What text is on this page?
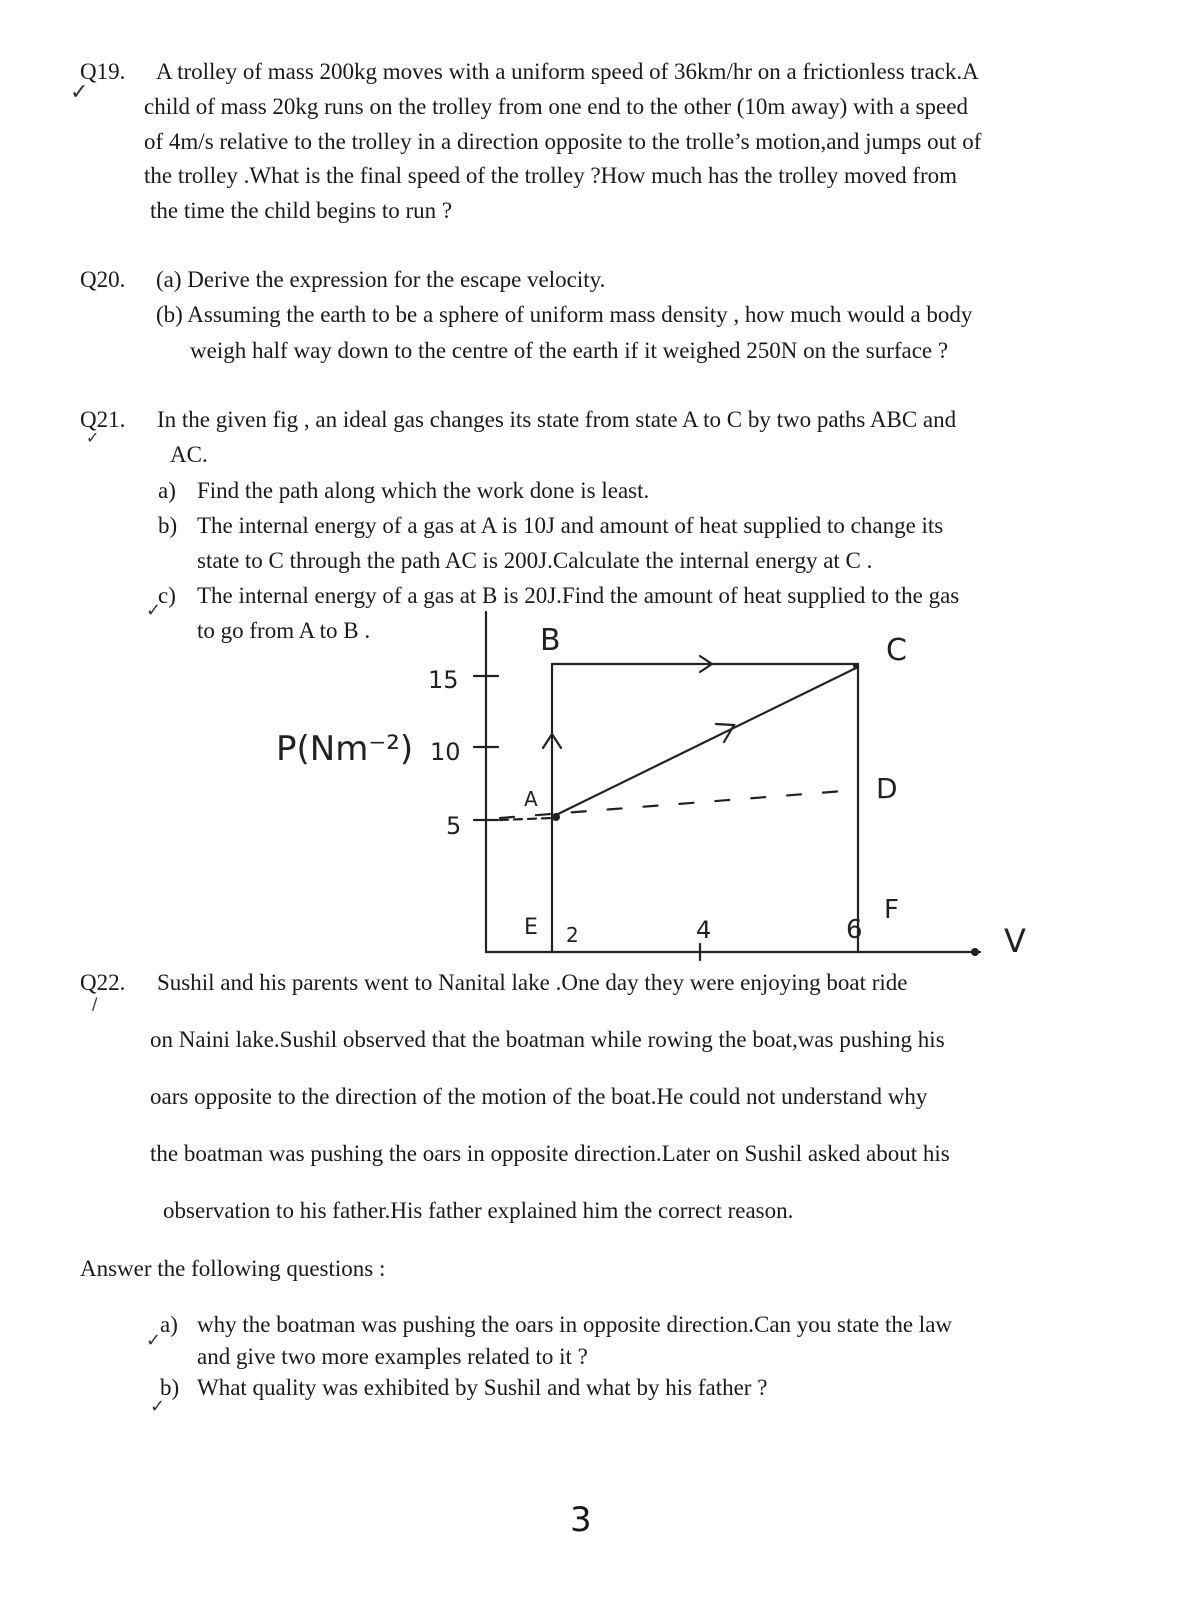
Q19.
✓
A trolley of mass 200kg moves with a uniform speed of 36km/hr on a frictionless track.A
child of mass 20kg runs on the trolley from one end to the other (10m away) with a speed
of 4m/s relative to the trolley in a direction opposite to the trolle’s motion,and jumps out of
the trolley .What is the final speed of the trolley ?How much has the trolley moved from
the time the child begins to run ?
Q20. (a) Derive the expression for the escape velocity.
(b) Assuming the earth to be a sphere of uniform mass density , how much would a body
weigh half way down to the centre of the earth if it weighed 250N on the surface ?
Q21.
✓
In the given fig , an ideal gas changes its state from state A to C by two paths ABC and
AC.
a) Find the path along which the work done is least.
b) The internal energy of a gas at A is 10J and amount of heat supplied to change its
state to C through the path AC is 200J.Calculate the internal energy at C .
c)
✓
The internal energy of a gas at B is 20J.Find the amount of heat supplied to the gas
to go from A to B .
P(Nm⁻²)
15
10
5
2	4	6	V
B	C
A	D
E
F
Q22.
/
Sushil and his parents went to Nanital lake .One day they were enjoying boat ride
on Naini lake.Sushil observed that the boatman while rowing the boat,was pushing his
oars opposite to the direction of the motion of the boat.He could not understand why
the boatman was pushing the oars in opposite direction.Later on Sushil asked about his
observation to his father.His father explained him the correct reason.
Answer the following questions :
a)
✓
why the boatman was pushing the oars in opposite direction.Can you state the law
and give two more examples related to it ?
b)
✓
What quality was exhibited by Sushil and what by his father ?
3
